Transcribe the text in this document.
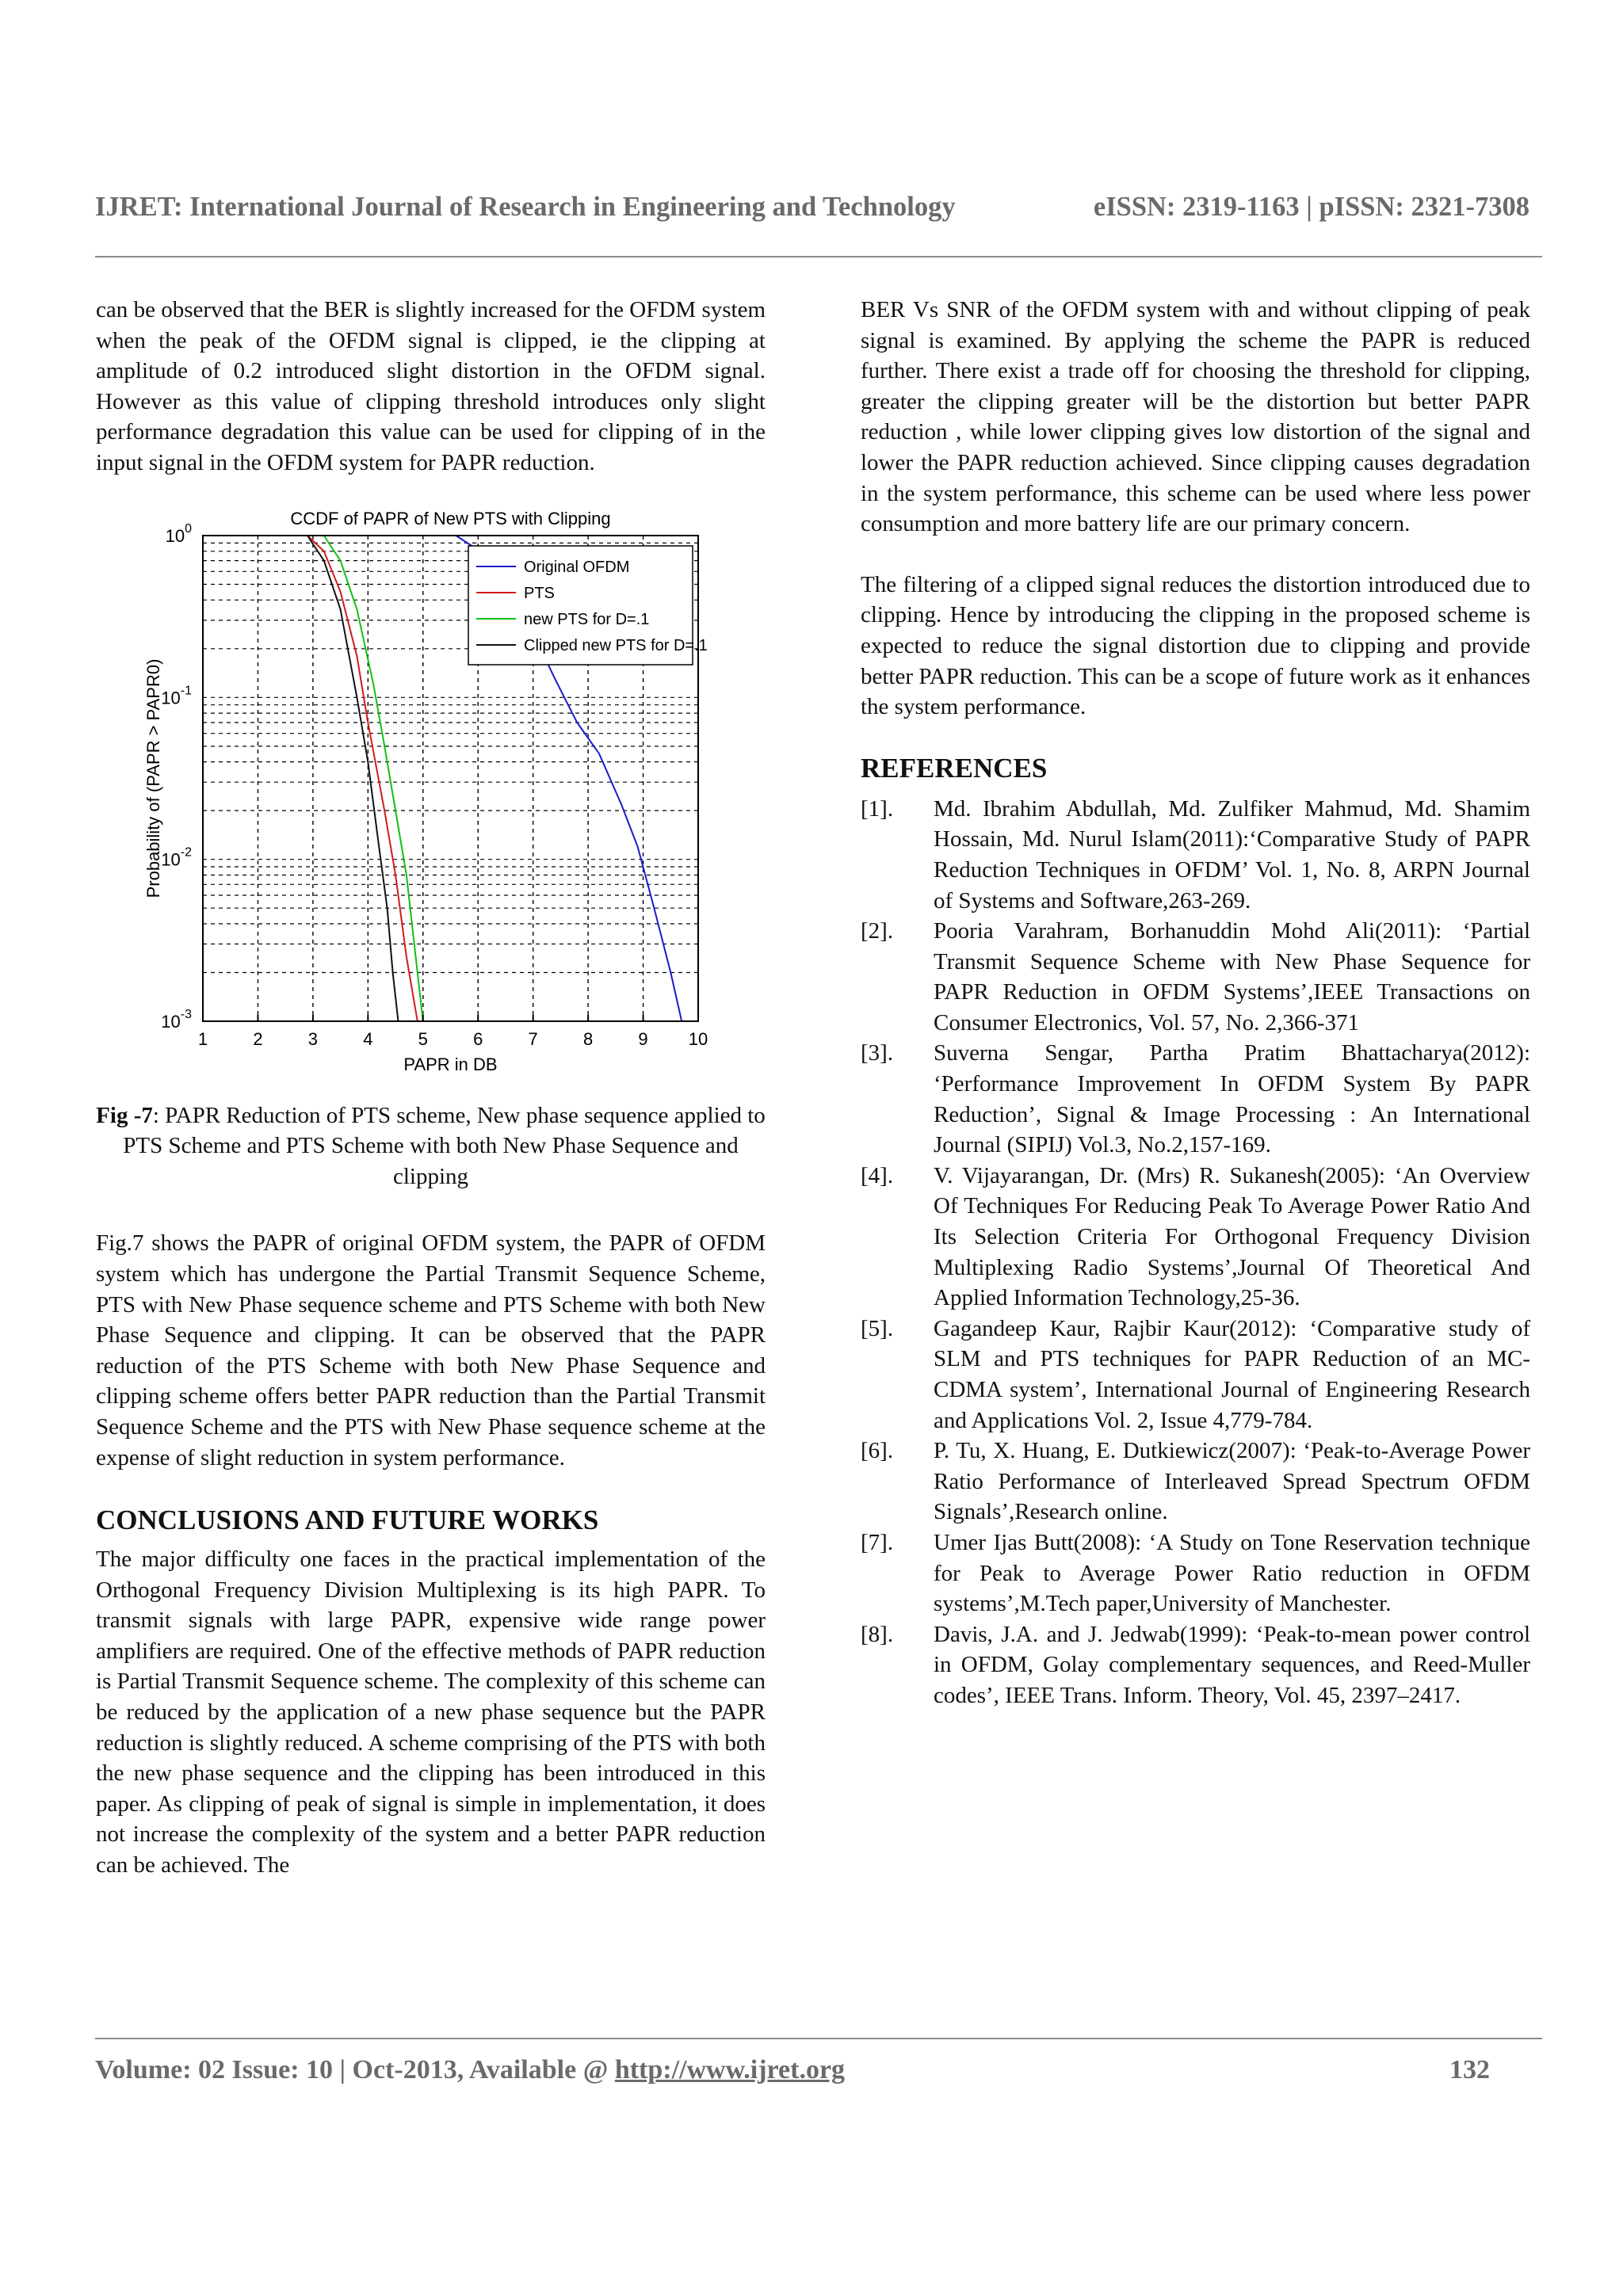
IJRET: International Journal of Research in Engineering and Technology	eISSN: 2319-1163 | pISSN: 2321-7308

can be observed that the BER is slightly increased for the OFDM system when the peak of the OFDM signal is clipped, ie the clipping at amplitude of 0.2 introduced slight distortion in the OFDM signal. However as this value of clipping threshold introduces only slight performance degradation this value can be used for clipping of in the input signal in the OFDM system for PAPR reduction.

1	2	3	4	5	6	7	8	9 10
$10^0$
$10^{-1}$
$10^{-2}$
$10^{-3}$
CCDF of PAPR of New PTS with Clipping
PAPR in DB
Probability of (PAPR > PAPR0)
Original OFDM
PTS
new PTS for D=.1
Clipped new PTS for D=.1

Fig -7: PAPR Reduction of PTS scheme, New phase sequence applied to PTS Scheme and PTS Scheme with both New Phase Sequence and clipping

Fig.7 shows the PAPR of original OFDM system, the PAPR of OFDM system which has undergone the Partial Transmit Sequence Scheme, PTS with New Phase sequence scheme and PTS Scheme with both New Phase Sequence and clipping. It can be observed that the PAPR reduction of the PTS Scheme with both New Phase Sequence and clipping scheme offers better PAPR reduction than the Partial Transmit Sequence Scheme and the PTS with New Phase sequence scheme at the expense of slight reduction in system performance.

CONCLUSIONS AND FUTURE WORKS

The major difficulty one faces in the practical implementation of the Orthogonal Frequency Division Multiplexing is its high PAPR. To transmit signals with large PAPR, expensive wide range power amplifiers are required. One of the effective methods of PAPR reduction is Partial Transmit Sequence scheme. The complexity of this scheme can be reduced by the application of a new phase sequence but the PAPR reduction is slightly reduced. A scheme comprising of the PTS with both the new phase sequence and the clipping has been introduced in this paper. As clipping of peak of signal is simple in implementation, it does not increase the complexity of the system and a better PAPR reduction can be achieved. The

BER Vs SNR of the OFDM system with and without clipping of peak signal is examined. By applying the scheme the PAPR is reduced further. There exist a trade off for choosing the threshold for clipping, greater the clipping greater will be the distortion but better PAPR reduction , while lower clipping gives low distortion of the signal and lower the PAPR reduction achieved. Since clipping causes degradation in the system performance, this scheme can be used where less power consumption and more battery life are our primary concern.

The filtering of a clipped signal reduces the distortion introduced due to clipping. Hence by introducing the clipping in the proposed scheme is expected to reduce the signal distortion due to clipping and provide better PAPR reduction. This can be a scope of future work as it enhances the system performance.

REFERENCES
[1].	Md. Ibrahim Abdullah, Md. Zulfiker Mahmud, Md. Shamim Hossain, Md. Nurul Islam(2011):‘Comparative Study of PAPR Reduction Techniques in OFDM’ Vol. 1, No. 8, ARPN Journal of Systems and Software,263-269.
[2].	Pooria Varahram, Borhanuddin Mohd Ali(2011): ‘Partial Transmit Sequence Scheme with New Phase Sequence for PAPR Reduction in OFDM Systems’,IEEE Transactions on Consumer Electronics, Vol. 57, No. 2,366-371
[3].	Suverna Sengar, Partha Pratim Bhattacharya(2012): ‘Performance Improvement In OFDM System By PAPR Reduction’, Signal & Image Processing : An International Journal (SIPIJ) Vol.3, No.2,157-169.
[4].	V. Vijayarangan, Dr. (Mrs) R. Sukanesh(2005): ‘An Overview Of Techniques For Reducing Peak To Average Power Ratio And Its Selection Criteria For Orthogonal Frequency Division Multiplexing Radio Systems’,Journal Of Theoretical And Applied Information Technology,25-36.
[5].	Gagandeep Kaur, Rajbir Kaur(2012): ‘Comparative study of SLM and PTS techniques for PAPR Reduction of an MC-CDMA system’, International Journal of Engineering Research and Applications Vol. 2, Issue 4,779-784.
[6].	P. Tu, X. Huang, E. Dutkiewicz(2007): ‘Peak-to-Average Power Ratio Performance of Interleaved Spread Spectrum OFDM Signals’,Research online.
[7].	Umer Ijas Butt(2008): ‘A Study on Tone Reservation technique for Peak to Average Power Ratio reduction in OFDM systems’,M.Tech paper,University of Manchester.
[8].	Davis, J.A. and J. Jedwab(1999): ‘Peak-to-mean power control in OFDM, Golay complementary sequences, and Reed-Muller codes’, IEEE Trans. Inform. Theory, Vol. 45, 2397–2417.
Volume: 02 Issue: 10 | Oct-2013, Available @ http://www.ijret.org	132
